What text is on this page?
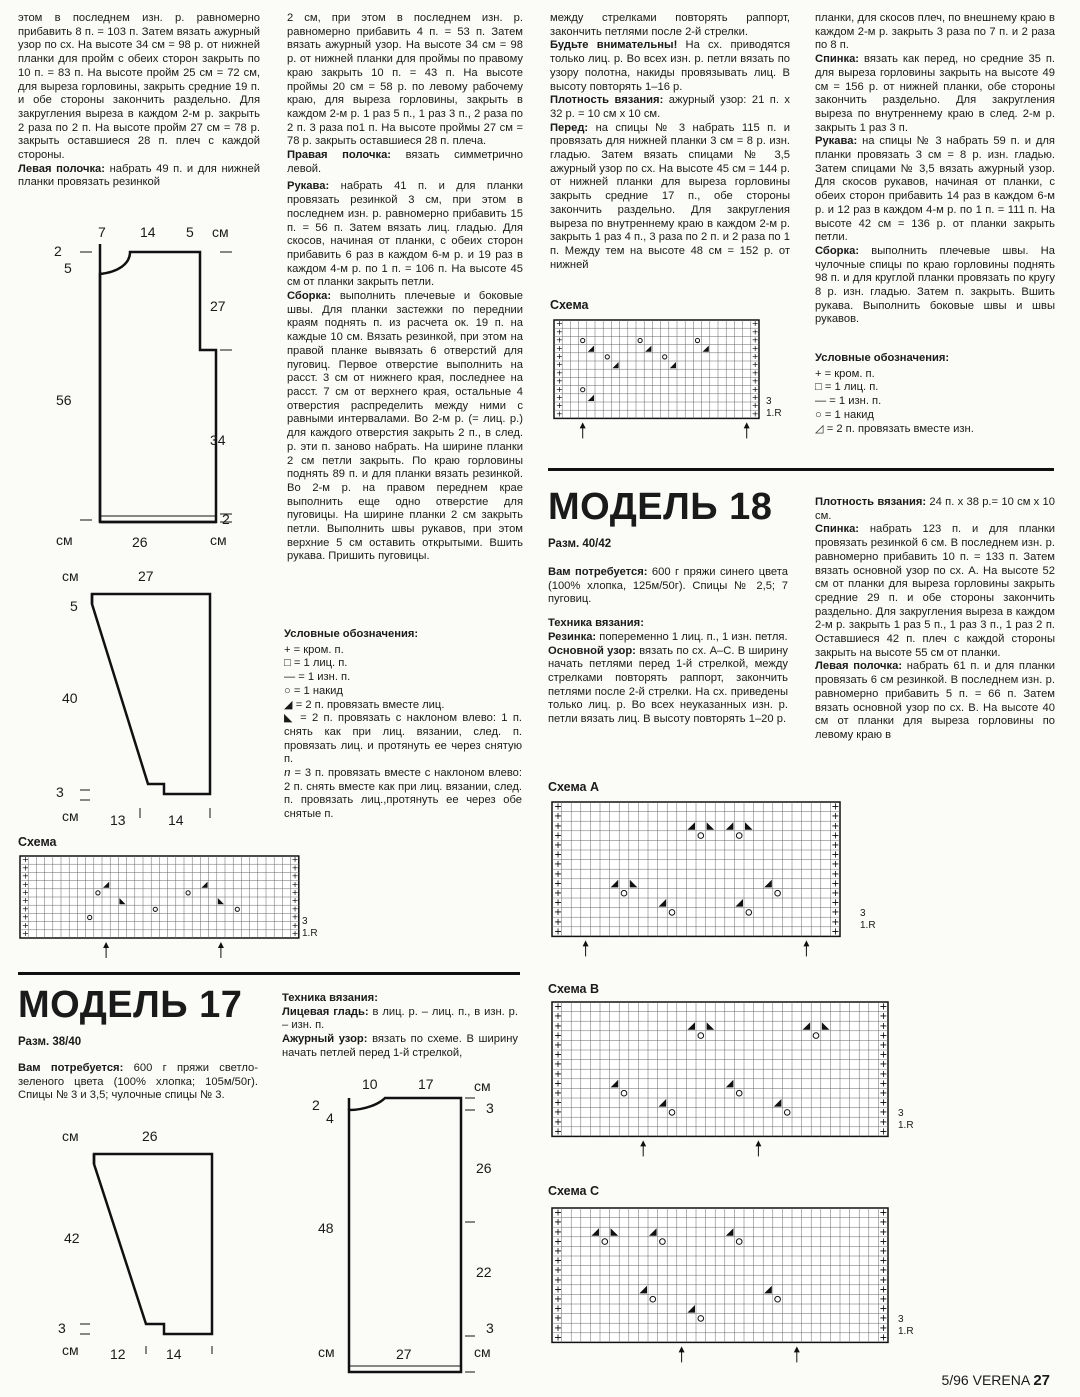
этом в последнем изн. р. равномерно прибавить 8 п. = 103 п. Затем вязать ажурный узор по сх. На высоте 34 см = 98 р. от нижней планки для пройм с обеих сторон закрыть по 10 п. = 83 п. На высоте пройм 25 см = 72 см, для выреза горловины, закрыть средние 19 п. и обе стороны закончить раздельно. Для закругления выреза в каждом 2-м р. закрыть 2 раза по 2 п. На высоте пройм 27 см = 78 р. закрыть оставшиеся 28 п. плеч с каждой стороны.

Левая полочка: набрать 49 п. и для нижней планки провязать резинкой

7 14 5 см
2
5
27
56
34
2
см	26	см
см	27
5
40
3
см 13	14
Схема
+	+
+	+
+	+
+	+
+	+
+	+
+	+
+	+
+	+
+	+
3
1.R
МОДЕЛЬ 17
Разм. 38/40

Вам потребуется: 600 г пряжи светло-зеленого цвета (100% хлопка; 105м/50г). Спицы № 3 и 3,5; чулочные спицы № 3.

см	26
42
3
см 12	14

2 см, при этом в последнем изн. р. равномерно прибавить 4 п. = 53 п. Затем вязать ажурный узор. На высоте 34 см = 98 р. от нижней планки для проймы по правому краю закрыть 10 п. = 43 п. На высоте проймы 20 см = 58 р. по левому рабочему краю, для выреза горловины, закрыть в каждом 2-м р. 1 раз 5 п., 1 раз 3 п., 2 раза по 2 п. 3 раза по1 п. На высоте проймы 27 см = 78 р. закрыть оставшиеся 28 п. плеча.

Правая полочка: вязать симметрично левой.

Рукава: набрать 41 п. и для планки провязать резинкой 3 см, при этом в последнем изн. р. равномерно прибавить 15 п. = 56 п. Затем вязать лиц. гладью. Для скосов, начиная от планки, с обеих сторон прибавить 6 раз в каждом 6-м р. и 19 раз в каждом 4-м р. по 1 п. = 106 п. На высоте 45 см от планки закрыть петли.

Сборка: выполнить плечевые и боковые швы. Для планки застежки по переднии краям поднять п. из расчета ок. 19 п. на каждые 10 см. Вязать резинкой, при этом на правой планке вывязать 6 отверстий для пуговиц. Первое отверстие выполнить на расст. 3 см от нижнего края, последнее на расст. 7 см от верхнего края, остальные 4 отверстия распределить между ними с равными интервалами. Во 2-м р. (= лиц. р.) для каждого отверстия закрыть 2 п., в след. р. эти п. заново набрать. На ширине планки 2 см петли закрыть. По краю горловины поднять 89 п. и для планки вязать резинкой. Во 2-м р. на правом переднем крае выполнить еще одно отверстие для пуговицы. На ширине планки 2 см закрыть петли. Выполнить швы рукавов, при этом верхние 5 см оставить открытыми. Вшить рукава. Пришить пуговицы.

Условные обозначения:

+ = кром. п.
□ = 1 лиц. п.
— = 1 изн. п.
○ = 1 накид
◢ = 2 п. провязать вместе лиц.
◣ = 2 п. провязать с наклоном влево: 1 п. снять как при лиц. вязании, след. п. провязать лиц. и протянуть ее через снятую п.
ⴖ = 3 п. провязать вместе с наклоном влево: 2 п. снять вместе как при лиц. вязании, след. п. провязать лиц.,протянуть ее через обе снятые п.

Техника вязания:

Лицевая гладь: в лиц. р. – лиц. п., в изн. р. – изн. п.

Ажурный узор: вязать по схеме. В ширину начать петлей перед 1-й стрелкой,

10	17	см
2
4
3
26
48
22
3
см	27	см

между стрелками повторять раппорт, закончить петлями после 2-й стрелки.

Будьте внимательны! На сх. приводятся только лиц. р. Во всех изн. р. петли вязать по узору полотна, накиды провязывать лиц. В высоту повторять 1–16 р.

Плотность вязания: ажурный узор: 21 п. х 32 р. = 10 см х 10 см.

Перед: на спицы № 3 набрать 115 п. и провязать для нижней планки 3 см = 8 р. изн. гладью. Затем вязать спицами № 3,5 ажурный узор по сх. На высоте 45 см = 144 р. от нижней планки для выреза горловины закрыть средние 17 п., обе стороны закончить раздельно. Для закругления выреза по внутреннему краю в каждом 2-м р. закрыть 1 раз 4 п., 3 раза по 2 п. и 2 раза по 1 п. Между тем на высоте 48 см = 152 р. от нижней

Схема
+	+
+	+
+	+
+	+
+	+
+	+
+	+
+	+
+	+
+	+
+	+
+	+
3
1.R

планки, для скосов плеч, по внешнему краю в каждом 2-м р. закрыть 3 раза по 7 п. и 2 раза по 8 п.

Спинка: вязать как перед, но средние 35 п. для выреза горловины закрыть на высоте 49 см = 156 р. от нижней планки, обе стороны закончить раздельно. Для закругления выреза по внутреннему краю в след. 2-м р. закрыть 1 раз 3 п.

Рукава: на спицы № 3 набрать 59 п. и для планки провязать 3 см = 8 р. изн. гладью. Затем спицами № 3,5 вязать ажурный узор. Для скосов рукавов, начиная от планки, с обеих сторон прибавить 14 раз в каждом 6-м р. и 12 раз в каждом 4-м р. по 1 п. = 111 п. На высоте 42 см = 136 р. от планки закрыть петли.

Сборка: выполнить плечевые швы. На чулочные спицы по краю горловины поднять 98 п. и для круглой планки провязать по кругу 8 р. изн. гладью. Затем п. закрыть. Вшить рукава. Выполнить боковые швы и швы рукавов.

Условные обозначения:

+ = кром. п.
□ = 1 лиц. п.
— = 1 изн. п.
○ = 1 накид
◿ = 2 п. провязать вместе изн.
МОДЕЛЬ 18
Разм. 40/42

Вам потребуется: 600 г пряжи синего цвета (100% хлопка, 125м/50г). Спицы № 2,5; 7 пуговиц.

Техника вязания:

Резинка: попеременно 1 лиц. п., 1 изн. петля.

Основной узор: вязать по сх. А–С. В ширину начать петлями перед 1-й стрелкой, между стрелками повторять раппорт, закончить петлями после 2-й стрелки. На сх. приведены только лиц. р. Во всех неуказанных изн. р. петли вязать лиц. В высоту повторять 1–20 р.

Плотность вязания: 24 п. х 38 р.= 10 см х 10 см.

Спинка: набрать 123 п. и для планки провязать резинкой 6 см. В последнем изн. р. равномерно прибавить 10 п. = 133 п. Затем вязать основной узор по сх. А. На высоте 52 см от планки для выреза горловины закрыть средние 29 п. и обе стороны закончить раздельно. Для закругления выреза в каждом 2-м р. закрыть 1 раз 5 п., 1 раз 3 п., 1 раз 2 п. Оставшиеся 42 п. плеч с каждой стороны закрыть на высоте 55 см от планки.

Левая полочка: набрать 61 п. и для планки провязать 6 см резинкой. В последнем изн. р. равномерно прибавить 5 п. = 66 п. Затем вязать основной узор по сх. В. На высоте 40 см от планки для выреза горловины по левому краю в

Схема А
+	+
+	+
+	+
+	+
+	+
+	+
+	+
+	+
+	+
+	+
+	+
+	+
+	+
+	+
3
1.R
Схема В
+	+
+	+
+	+
+	+
+	+
+	+
+	+
+	+
+	+
+	+
+	+
+	+
+	+
+	+
3
1.R
Схема С
+	+
+	+
+	+
+	+
+	+
+	+
+	+
+	+
+	+
+	+
+	+
+	+
+	+
+	+
3
1.R
5/96 VERENA 27
